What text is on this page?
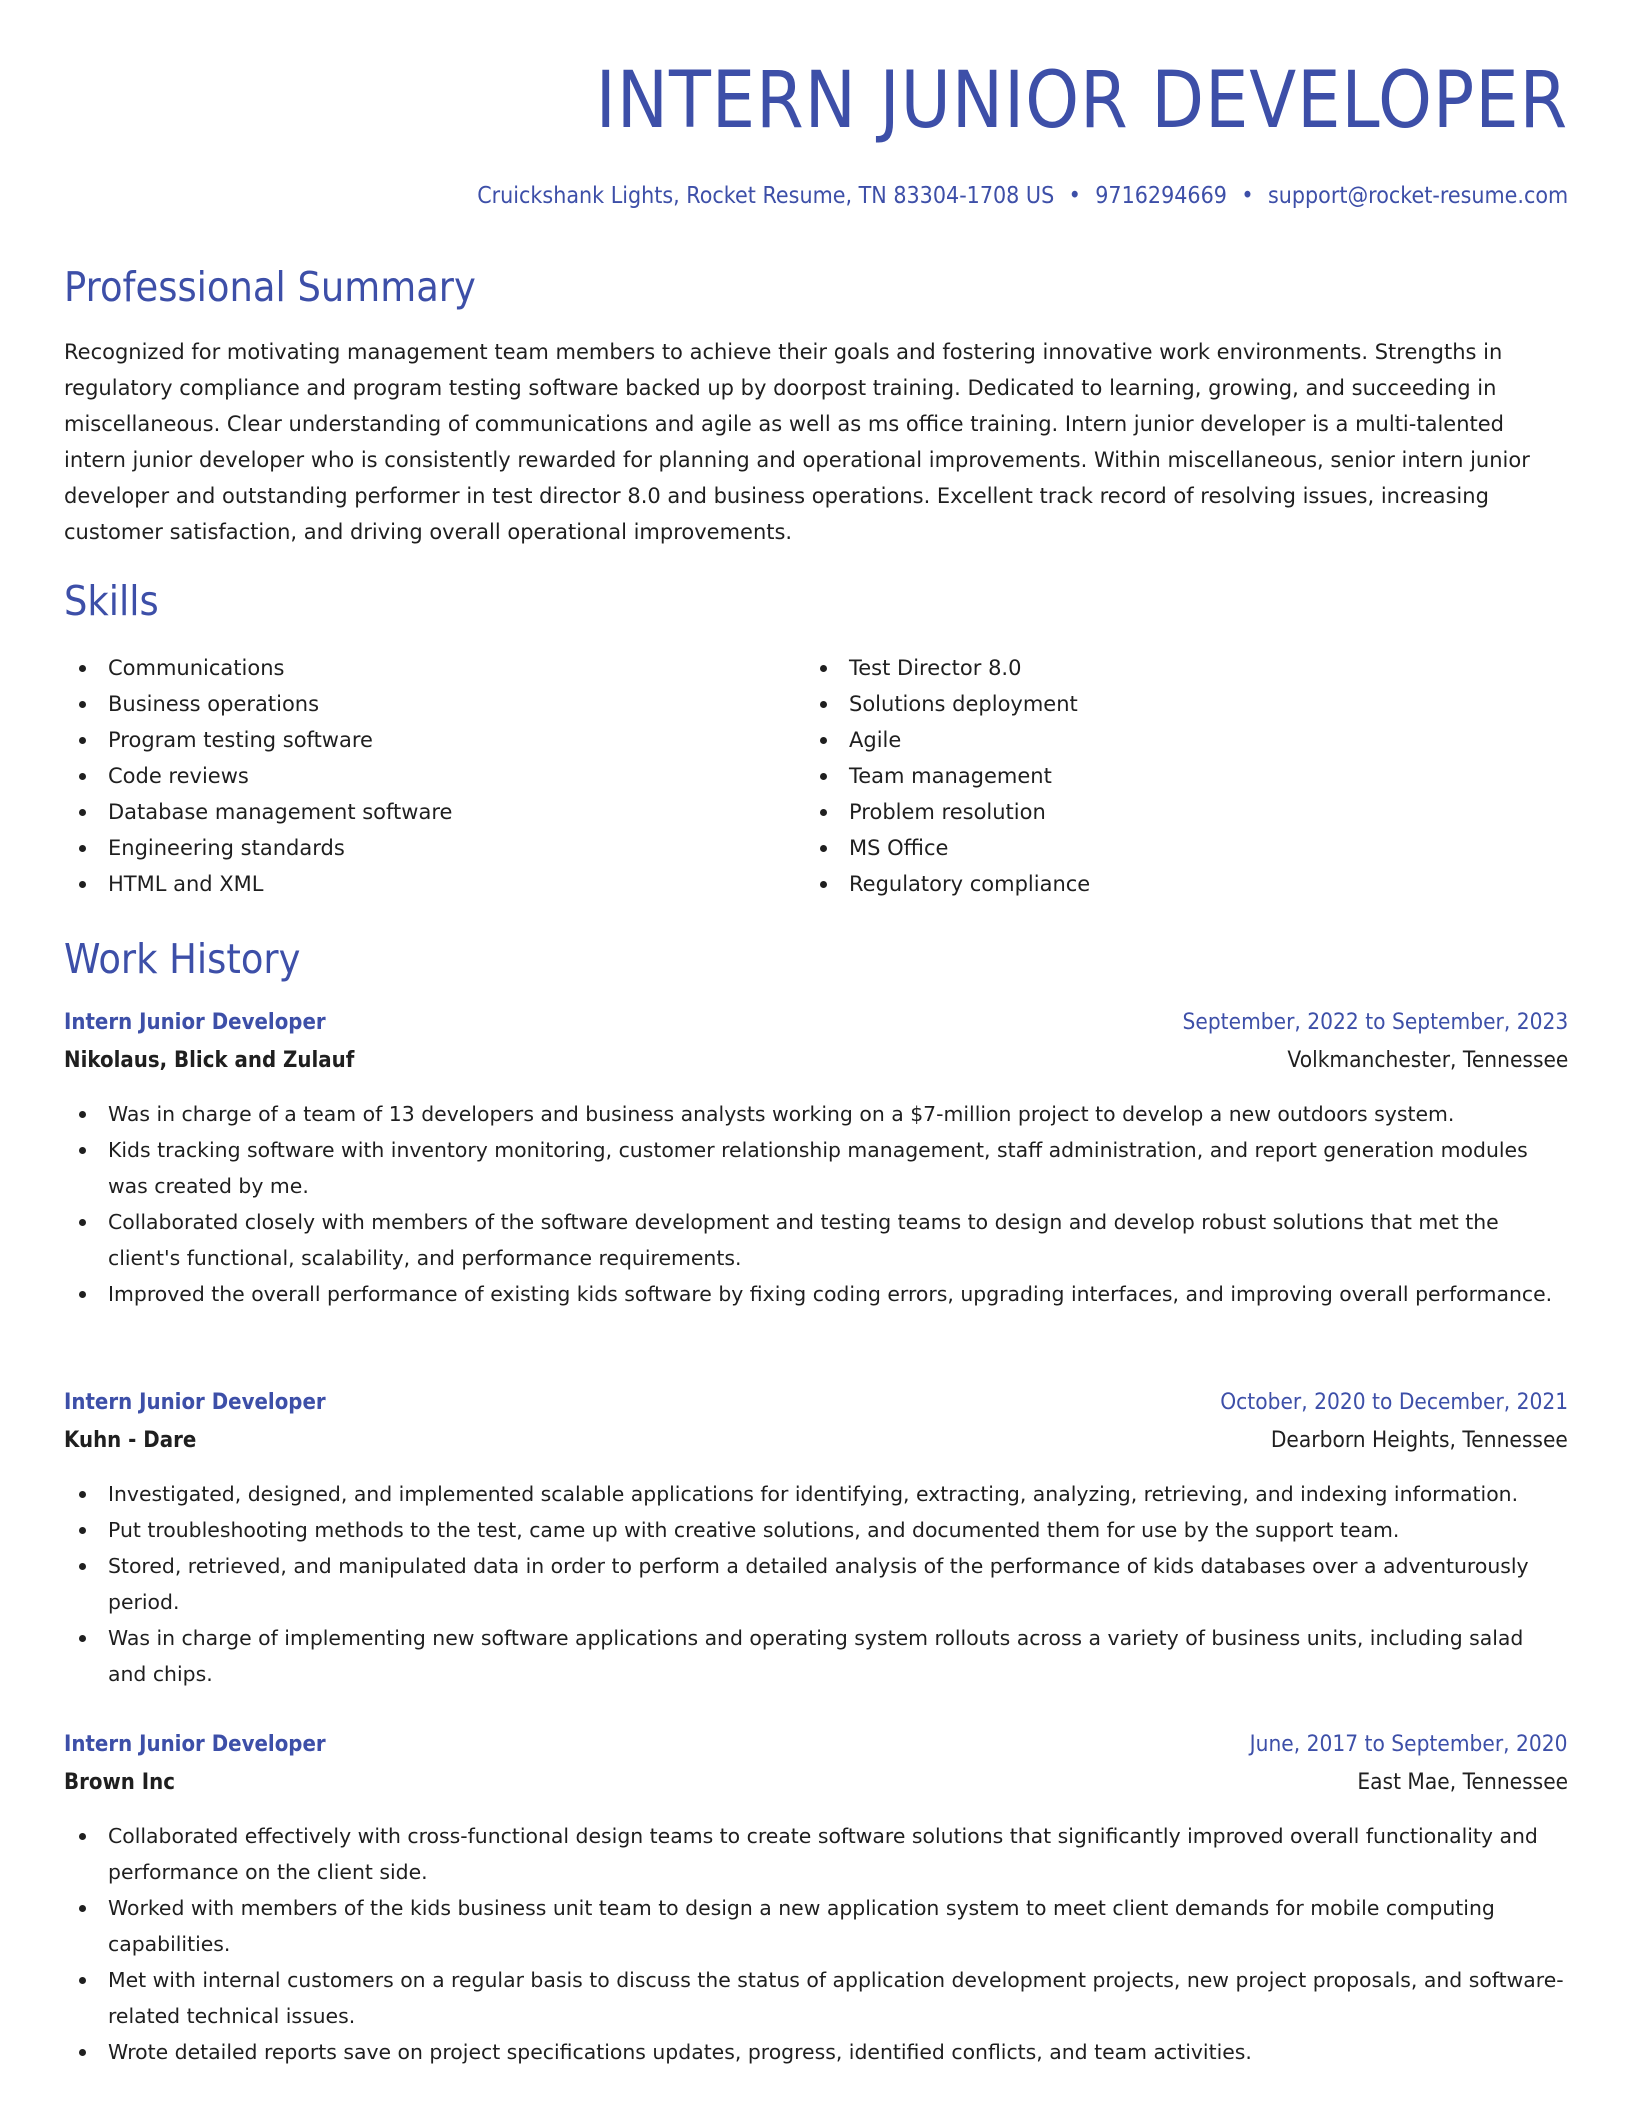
INTERN JUNIOR DEVELOPER
Cruickshank Lights, Rocket Resume, TN 83304-1708 US • 9716294669 • support@rocket-resume.com
Professional Summary

Recognized for motivating management team members to achieve their goals and fostering innovative work environments. Strengths in regulatory compliance and program testing software backed up by doorpost training. Dedicated to learning, growing, and succeeding in miscellaneous. Clear understanding of communications and agile as well as ms office training. Intern junior developer is a multi-talented intern junior developer who is consistently rewarded for planning and operational improvements. Within miscellaneous, senior intern junior developer and outstanding performer in test director 8.0 and business operations. Excellent track record of resolving issues, increasing customer satisfaction, and driving overall operational improvements.

Skills
Communications
Business operations
Program testing software
Code reviews
Database management software
Engineering standards
HTML and XML
Test Director 8.0
Solutions deployment
Agile
Team management
Problem resolution
MS Office
Regulatory compliance
Work History
Intern Junior Developer	September, 2022 to September, 2023
Nikolaus, Blick and Zulauf	Volkmanchester, Tennessee
Was in charge of a team of 13 developers and business analysts working on a $7-million project to develop a new outdoors system.
Kids tracking software with inventory monitoring, customer relationship management, staff administration, and report generation modules was created by me.
Collaborated closely with members of the software development and testing teams to design and develop robust solutions that met the client's functional, scalability, and performance requirements.
Improved the overall performance of existing kids software by fixing coding errors, upgrading interfaces, and improving overall performance.
Intern Junior Developer	October, 2020 to December, 2021
Kuhn - Dare	Dearborn Heights, Tennessee
Investigated, designed, and implemented scalable applications for identifying, extracting, analyzing, retrieving, and indexing information.
Put troubleshooting methods to the test, came up with creative solutions, and documented them for use by the support team.
Stored, retrieved, and manipulated data in order to perform a detailed analysis of the performance of kids databases over a adventurously period.
Was in charge of implementing new software applications and operating system rollouts across a variety of business units, including salad and chips.
Intern Junior Developer	June, 2017 to September, 2020
Brown Inc	East Mae, Tennessee
Collaborated effectively with cross-functional design teams to create software solutions that significantly improved overall functionality and performance on the client side.
Worked with members of the kids business unit team to design a new application system to meet client demands for mobile computing capabilities.
Met with internal customers on a regular basis to discuss the status of application development projects, new project proposals, and software-related technical issues.
Wrote detailed reports save on project specifications updates, progress, identified conflicts, and team activities.
